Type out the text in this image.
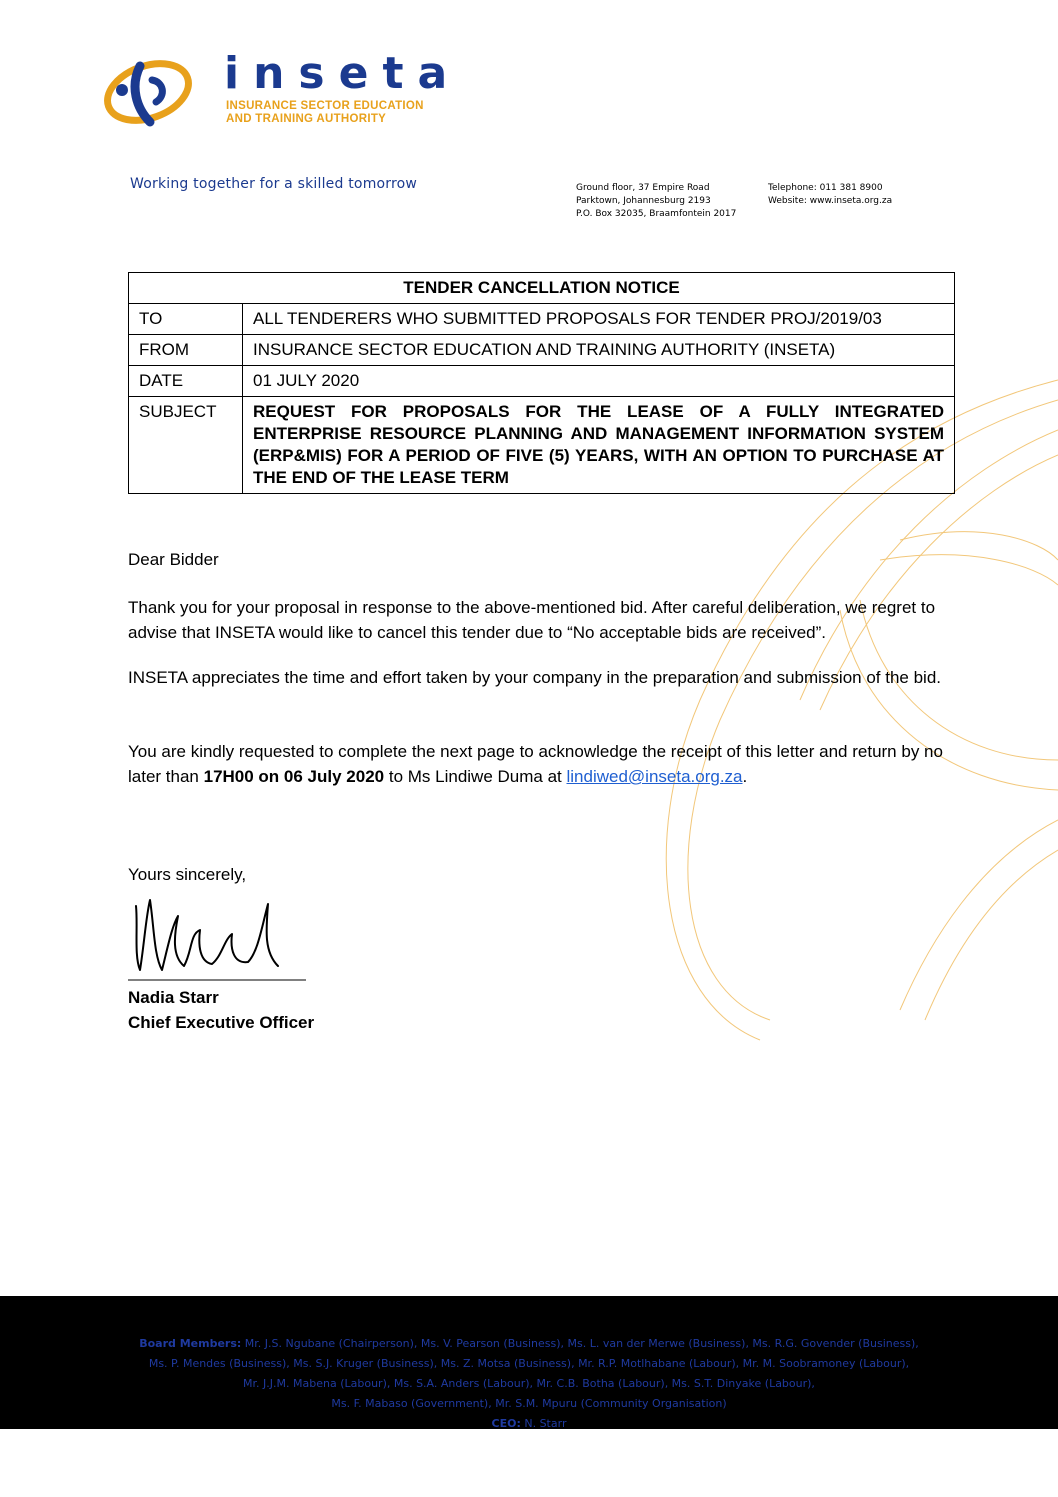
inseta
INSURANCE SECTOR EDUCATION
AND TRAINING AUTHORITY
Working together for a skilled tomorrow	Ground floor, 37 Empire Road
Parktown, Johannesburg 2193
P.O. Box 32035, Braamfontein 2017
Telephone: 011 381 8900
Website: www.inseta.org.za
TENDER CANCELLATION NOTICE	
TO	ALL TENDERERS WHO SUBMITTED PROPOSALS FOR TENDER PROJ/2019/03
FROM	INSURANCE SECTOR EDUCATION AND TRAINING AUTHORITY (INSETA)
DATE	01 JULY 2020
SUBJECT	REQUEST FOR PROPOSALS FOR THE LEASE OF A FULLY INTEGRATED ENTERPRISE RESOURCE PLANNING AND MANAGEMENT INFORMATION SYSTEM (ERP&MIS) FOR A PERIOD OF FIVE (5) YEARS, WITH AN OPTION TO PURCHASE AT THE END OF THE LEASE TERM
Dear Bidder
Thank you for your proposal in response to the above-mentioned bid. After careful deliberation, we regret to advise that INSETA would like to cancel this tender due to “No acceptable bids are received”.
INSETA appreciates the time and effort taken by your company in the preparation and submission of the bid.
You are kindly requested to complete the next page to acknowledge the receipt of this letter and return by no later than 17H00 on 06 July 2020 to Ms Lindiwe Duma at lindiwed@inseta.org.za.
Yours sincerely,
Nadia Starr
Chief Executive Officer
Board Members: Mr. J.S. Ngubane (Chairperson), Ms. V. Pearson (Business), Ms. L. van der Merwe (Business), Ms. R.G. Govender (Business),
Ms. P. Mendes (Business), Ms. S.J. Kruger (Business), Ms. Z. Motsa (Business), Mr. R.P. Motlhabane (Labour), Mr. M. Soobramoney (Labour),
Mr. J.J.M. Mabena (Labour), Ms. S.A. Anders (Labour), Mr. C.B. Botha (Labour), Ms. S.T. Dinyake (Labour),
Ms. F. Mabaso (Government), Mr. S.M. Mpuru (Community Organisation)
CEO: N. Starr
